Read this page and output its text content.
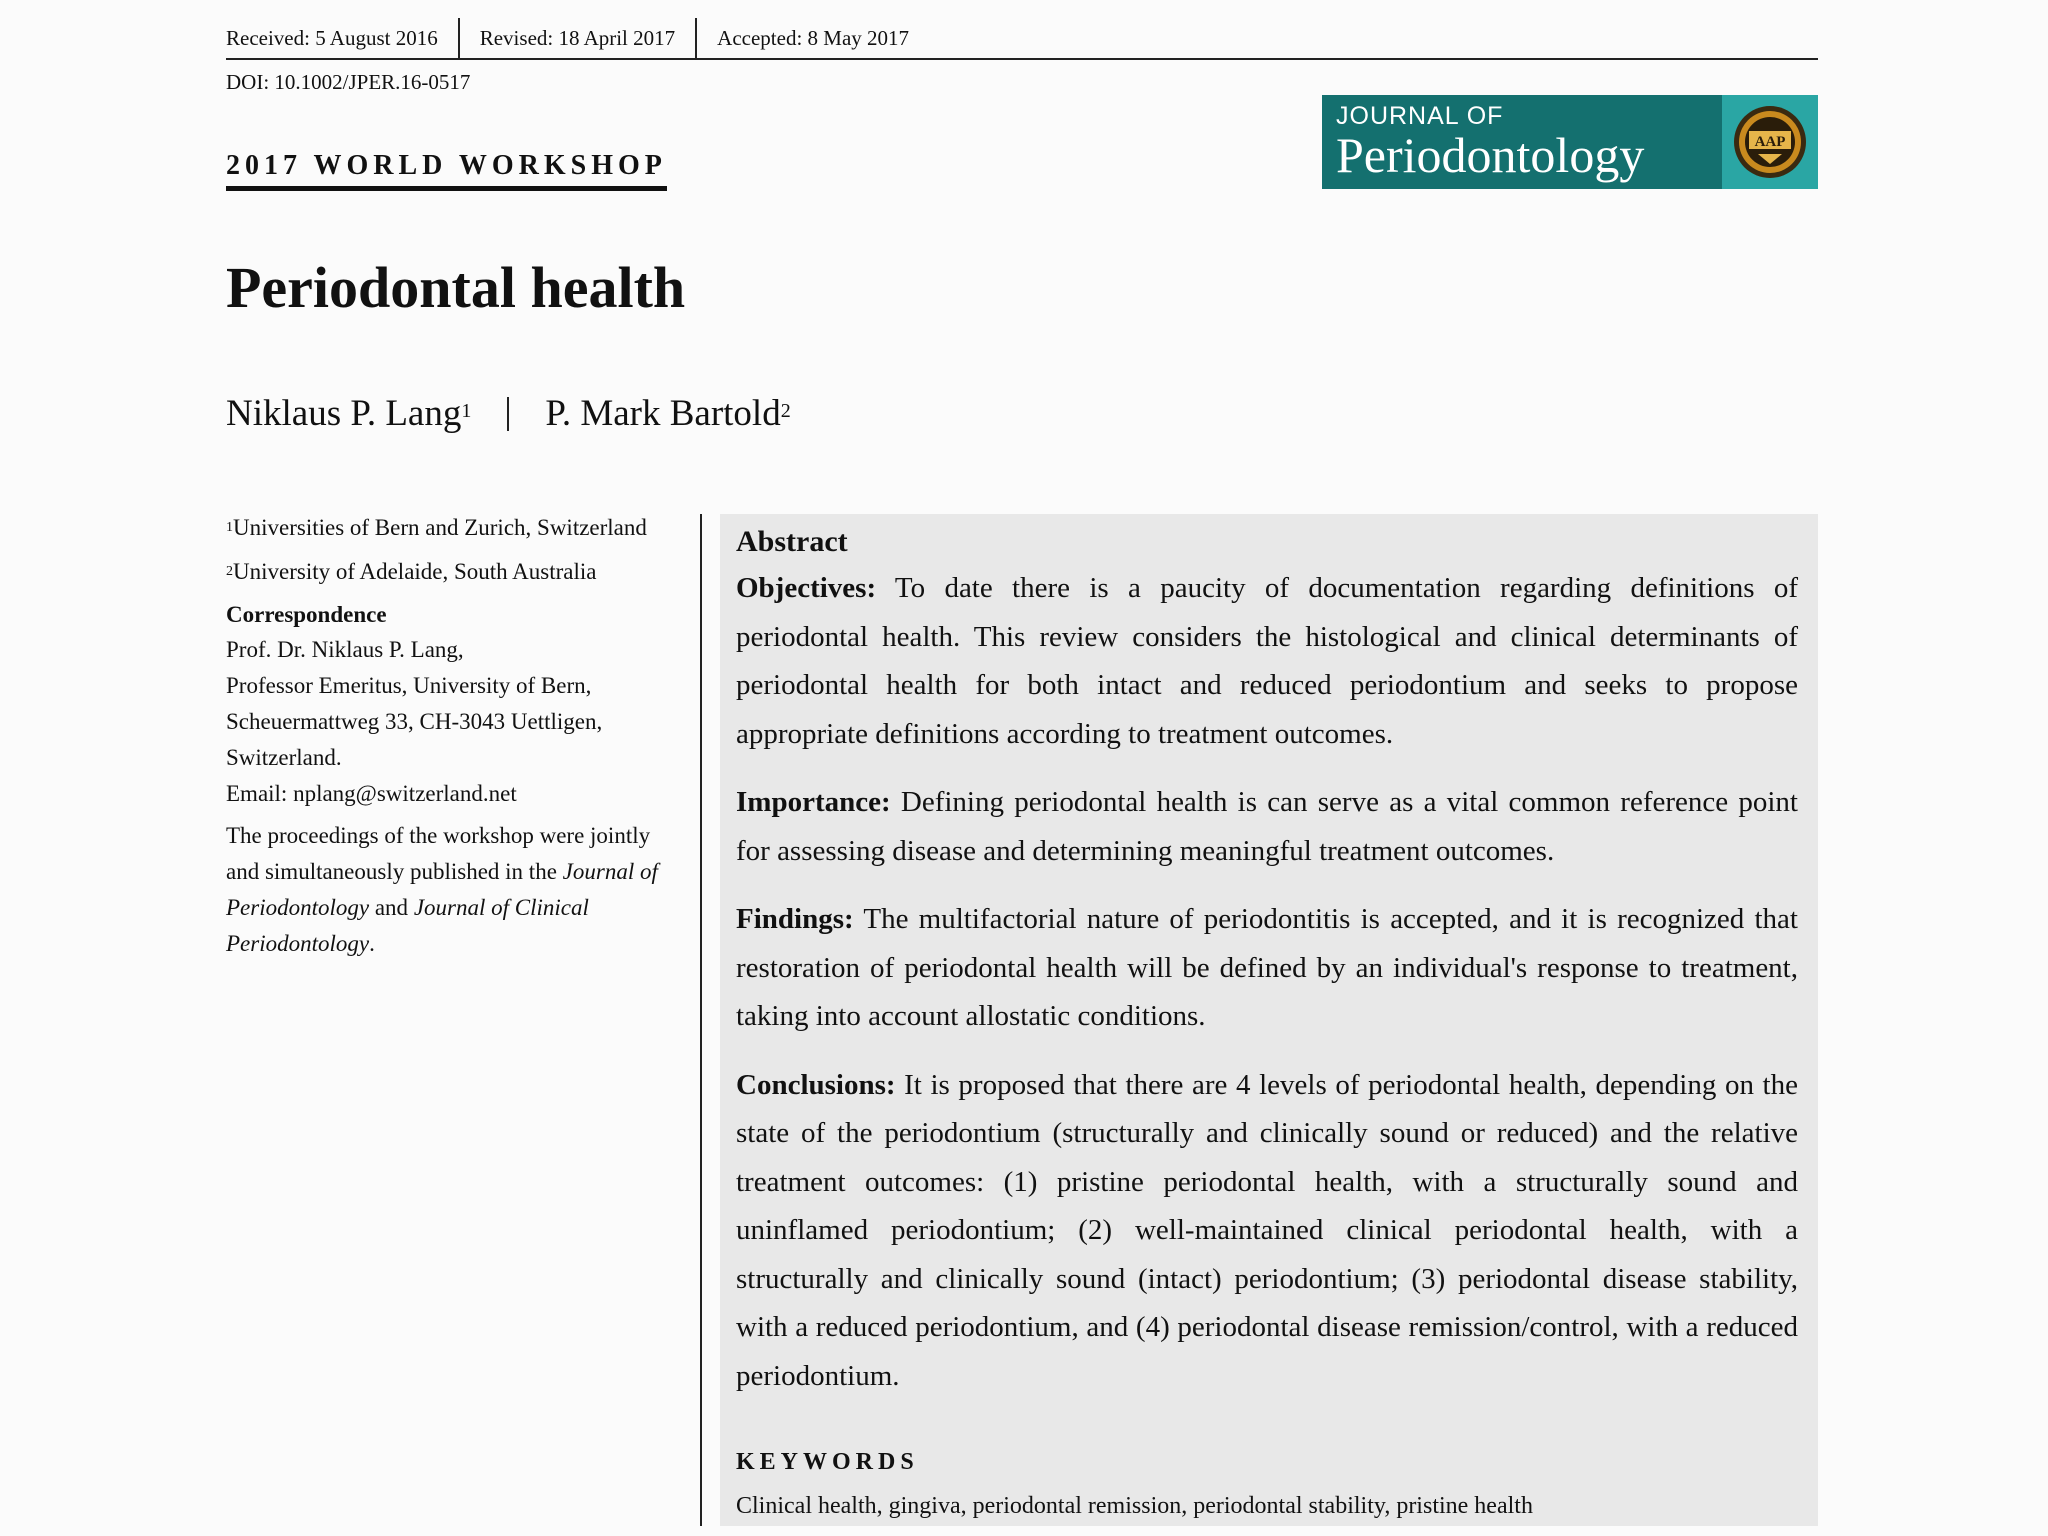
Received: 5 August 2016	Revised: 18 April 2017	Accepted: 8 May 2017
DOI: 10.1002/JPER.16-0517
2017 WORLD WORKSHOP
JOURNAL OF
Periodontology	AAP
Periodontal health
Niklaus P. Lang$^1$ P. Mark Bartold$^2$

$^1$Universities of Bern and Zurich, Switzerland

$^2$University of Adelaide, South Australia

Correspondence
Prof. Dr. Niklaus P. Lang,
Professor Emeritus, University of Bern,
Scheuermattweg 33, CH-3043 Uettligen,
Switzerland.
Email: nplang@switzerland.net

The proceedings of the workshop were jointly and simultaneously published in the Journal of Periodontology and Journal of Clinical Periodontology.

Abstract

Objectives: To date there is a paucity of documentation regarding definitions of periodontal health. This review considers the histological and clinical determinants of periodontal health for both intact and reduced periodontium and seeks to propose appropriate definitions according to treatment outcomes.

Importance: Defining periodontal health is can serve as a vital common reference point for assessing disease and determining meaningful treatment outcomes.

Findings: The multifactorial nature of periodontitis is accepted, and it is recognized that restoration of periodontal health will be defined by an individual's response to treatment, taking into account allostatic conditions.

Conclusions: It is proposed that there are 4 levels of periodontal health, depending on the state of the periodontium (structurally and clinically sound or reduced) and the relative treatment outcomes: (1) pristine periodontal health, with a structurally sound and uninflamed periodontium; (2) well-maintained clinical periodontal health, with a structurally and clinically sound (intact) periodontium; (3) periodontal disease stability, with a reduced periodontium, and (4) periodontal disease remission/control, with a reduced periodontium.

KEYWORDS
Clinical health, gingiva, periodontal remission, periodontal stability, pristine health
